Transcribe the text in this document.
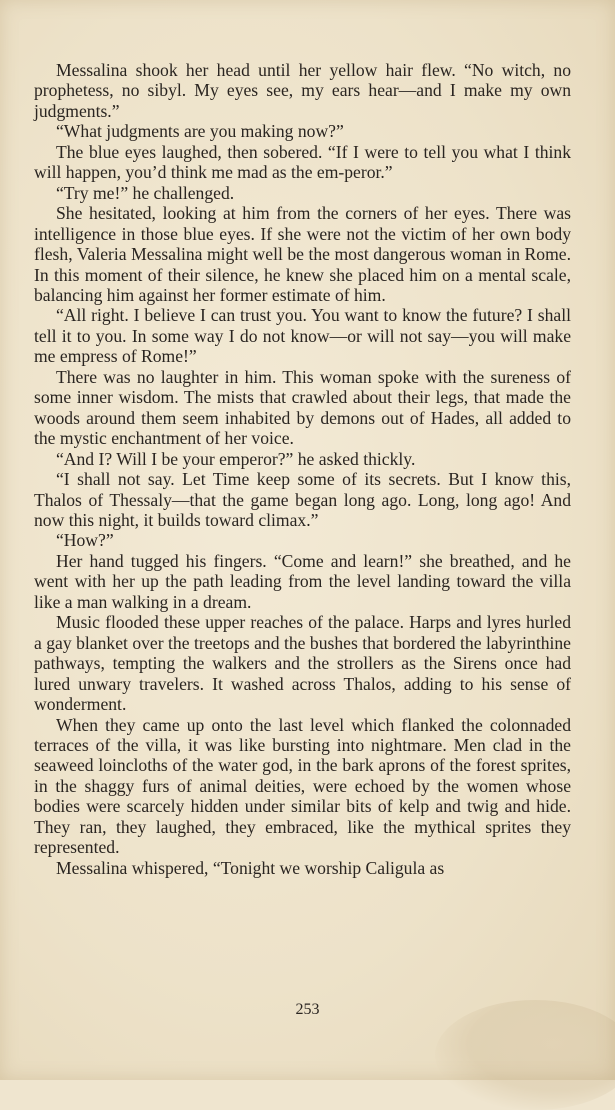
Messalina shook her head until her yellow hair flew. “No witch, no prophetess, no sibyl. My eyes see, my ears hear—and I make my own judgments.”

“What judgments are you making now?”

The blue eyes laughed, then sobered. “If I were to tell you what I think will happen, you’d think me mad as the em-peror.”

“Try me!” he challenged.

She hesitated, looking at him from the corners of her eyes. There was intelligence in those blue eyes. If she were not the victim of her own body flesh, Valeria Messalina might well be the most dangerous woman in Rome. In this moment of their silence, he knew she placed him on a mental scale, balancing him against her former estimate of him.

“All right. I believe I can trust you. You want to know the future? I shall tell it to you. In some way I do not know—or will not say—you will make me empress of Rome!”

There was no laughter in him. This woman spoke with the sureness of some inner wisdom. The mists that crawled about their legs, that made the woods around them seem inhabited by demons out of Hades, all added to the mystic enchantment of her voice.

“And I? Will I be your emperor?” he asked thickly.

“I shall not say. Let Time keep some of its secrets. But I know this, Thalos of Thessaly—that the game began long ago. Long, long ago! And now this night, it builds toward climax.”

“How?”

Her hand tugged his fingers. “Come and learn!” she breathed, and he went with her up the path leading from the level landing toward the villa like a man walking in a dream.

Music flooded these upper reaches of the palace. Harps and lyres hurled a gay blanket over the treetops and the bushes that bordered the labyrinthine pathways, tempting the walkers and the strollers as the Sirens once had lured unwary travelers. It washed across Thalos, adding to his sense of wonderment.

When they came up onto the last level which flanked the colonnaded terraces of the villa, it was like bursting into nightmare. Men clad in the seaweed loincloths of the water god, in the bark aprons of the forest sprites, in the shaggy furs of animal deities, were echoed by the women whose bodies were scarcely hidden under similar bits of kelp and twig and hide. They ran, they laughed, they embraced, like the mythical sprites they represented.

Messalina whispered, “Tonight we worship Caligula as

253
